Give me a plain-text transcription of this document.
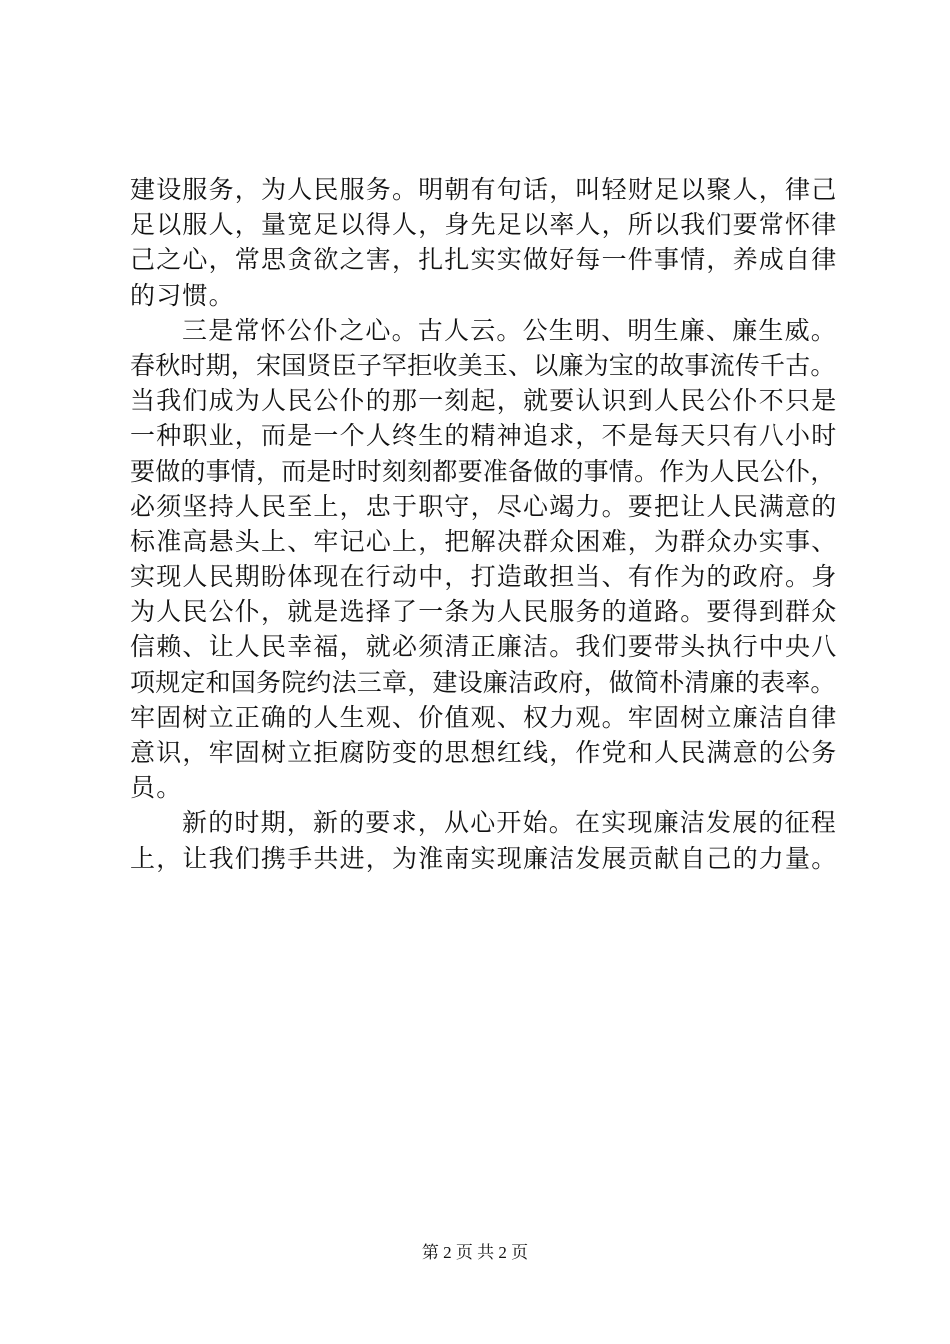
建设服务，为人民服务。明朝有句话，叫轻财足以聚人，律己
足以服人，量宽足以得人，身先足以率人，所以我们要常怀律
己之心，常思贪欲之害，扎扎实实做好每一件事情，养成自律
的习惯。
三是常怀公仆之心。古人云。公生明、明生廉、廉生威。
春秋时期，宋国贤臣子罕拒收美玉、以廉为宝的故事流传千古。
当我们成为人民公仆的那一刻起，就要认识到人民公仆不只是
一种职业，而是一个人终生的精神追求，不是每天只有八小时
要做的事情，而是时时刻刻都要准备做的事情。作为人民公仆，
必须坚持人民至上，忠于职守，尽心竭力。要把让人民满意的
标准高悬头上、牢记心上，把解决群众困难，为群众办实事、
实现人民期盼体现在行动中，打造敢担当、有作为的政府。身
为人民公仆，就是选择了一条为人民服务的道路。要得到群众
信赖、让人民幸福，就必须清正廉洁。我们要带头执行中央八
项规定和国务院约法三章，建设廉洁政府，做简朴清廉的表率。
牢固树立正确的人生观、价值观、权力观。牢固树立廉洁自律
意识，牢固树立拒腐防变的思想红线，作党和人民满意的公务
员。
新的时期，新的要求，从心开始。在实现廉洁发展的征程
上，让我们携手共进，为淮南实现廉洁发展贡献自己的力量。
第 2 页 共 2 页
